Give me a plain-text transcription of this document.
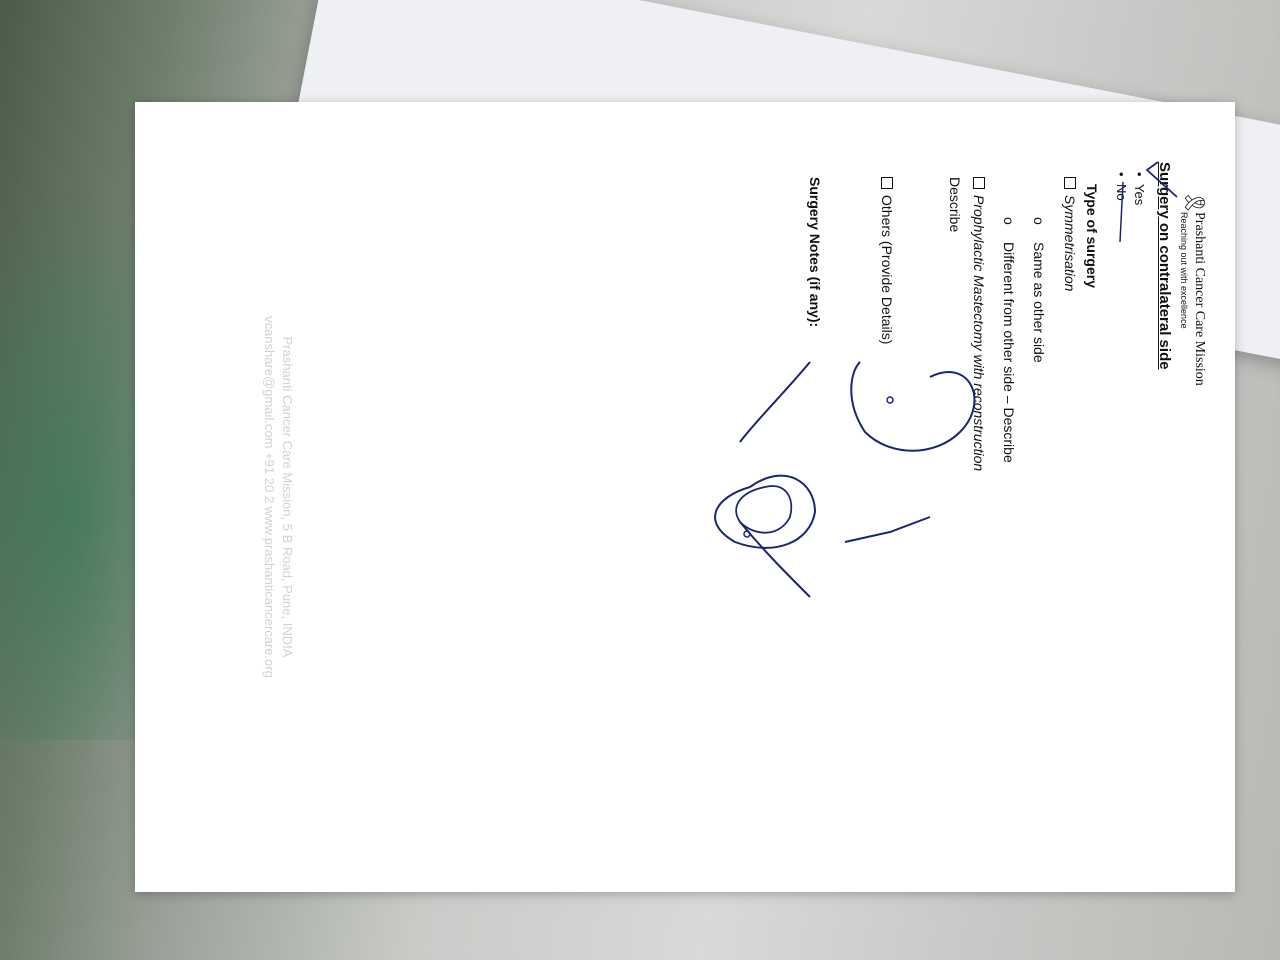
🎗
Prashanti Cancer Care Mission
Reaching out with excellence
Surgery on contralateral side
•
Yes
•
No
Type of surgery
Symmetrisation
o
Same as other side
o
Different from other side – Describe
Prophylactic Mastectomy with reconstruction
Describe
Others (Provide Details)
Surgery Notes (if any):
Prashanti Cancer Care Mission, 5 B Road, Pune, INDIA
vcanshare@gmail.com +91 20 2 www.prashanticancercare.org
